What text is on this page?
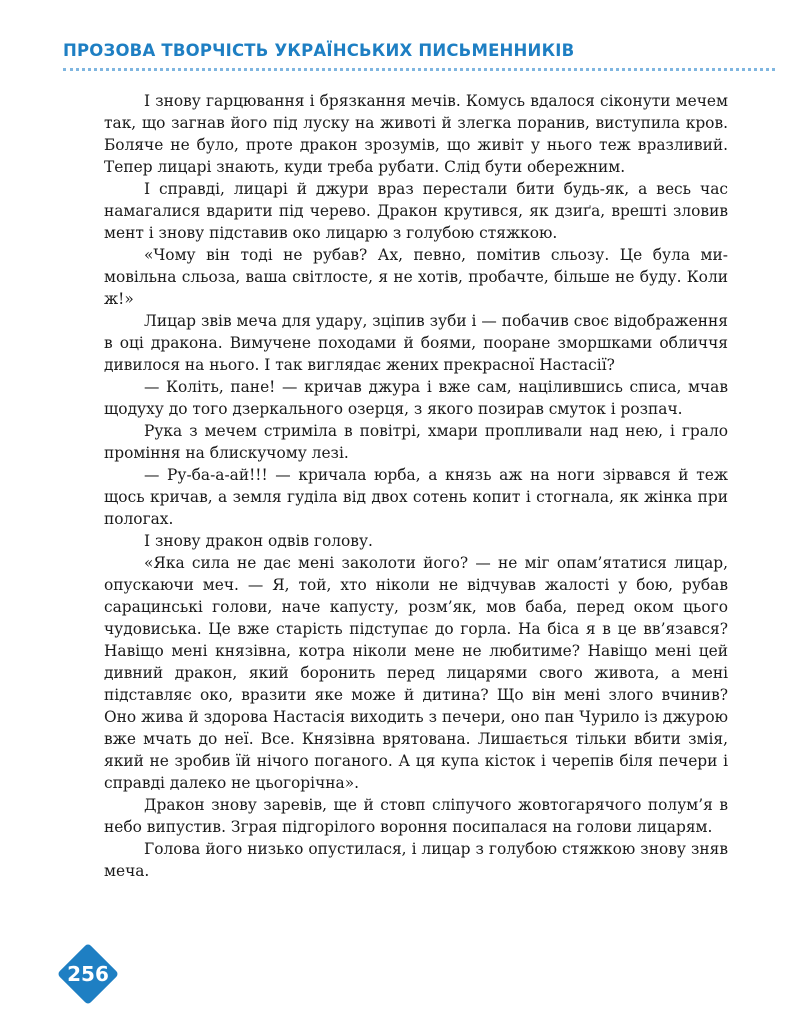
ПРОЗОВА ТВОРЧІСТЬ УКРАЇНСЬКИХ ПИСЬМЕННИКІВ

І знову гарцювання і брязкання мечів. Комусь вдалося сіконути мечем так, що загнав його під луску на животі й злегка поранив, виступила кров. Боляче не було, проте дракон зрозумів, що живіт у нього теж вразливий. Тепер лицарі знають, куди треба рубати. Слід бути обережним.

І справді, лицарі й джури враз перестали бити будь-як, а весь час намагалися вдарити під черево. Дракон крутився, як дзиґа, врешті зловив мент і знову підставив око лицарю з голубою стяжкою.

«Чому він тоді не рубав? Ах, певно, помітив сльозу. Це була мимовільна сльоза, ваша світлосте, я не хотів, пробачте, більше не буду. Коли ж!»

Лицар звів меча для удару, зціпив зуби і — побачив своє відображення в оці дракона. Вимучене походами й боями, пооране зморшками обличчя дивилося на нього. І так виглядає жених прекрасної Настасії?

— Коліть, пане! — кричав джура і вже сам, націлившись списа, мчав щодуху до того дзеркального озерця, з якого позирав смуток і розпач.

Рука з мечем стриміла в повітрі, хмари пропливали над нею, і грало проміння на блискучому лезі.

— Ру-ба-а-ай!!! — кричала юрба, а князь аж на ноги зірвався й теж щось кричав, а земля гуділа від двох сотень копит і стогнала, як жінка при пологах.

І знову дракон одвів голову.

«Яка сила не дає мені заколоти його? — не міг опам’ятатися лицар, опускаючи меч. — Я, той, хто ніколи не відчував жалості у бою, рубав сарацинські голови, наче капусту, розм’як, мов баба, перед оком цього чудовиська. Це вже старість підступає до горла. На біса я в це вв’язався? Навіщо мені князівна, котра ніколи мене не любитиме? Навіщо мені цей дивний дракон, який боронить перед лицарями свого живота, а мені підставляє око, вразити яке може й дитина? Що він мені злого вчинив? Оно жива й здорова Настасія виходить з печери, оно пан Чурило із джурою вже мчать до неї. Все. Князівна врятована. Лишається тільки вбити змія, який не зробив їй нічого поганого. А ця купа кісток і черепів біля печери і справді далеко не цьогорічна».

Дракон знову заревів, ще й стовп сліпучого жовтогарячого полум’я в небо випустив. Зграя підгорілого вороння посипалася на голови лицарям.

Голова його низько опустилася, і лицар з голубою стяжкою знову зняв меча.

256
